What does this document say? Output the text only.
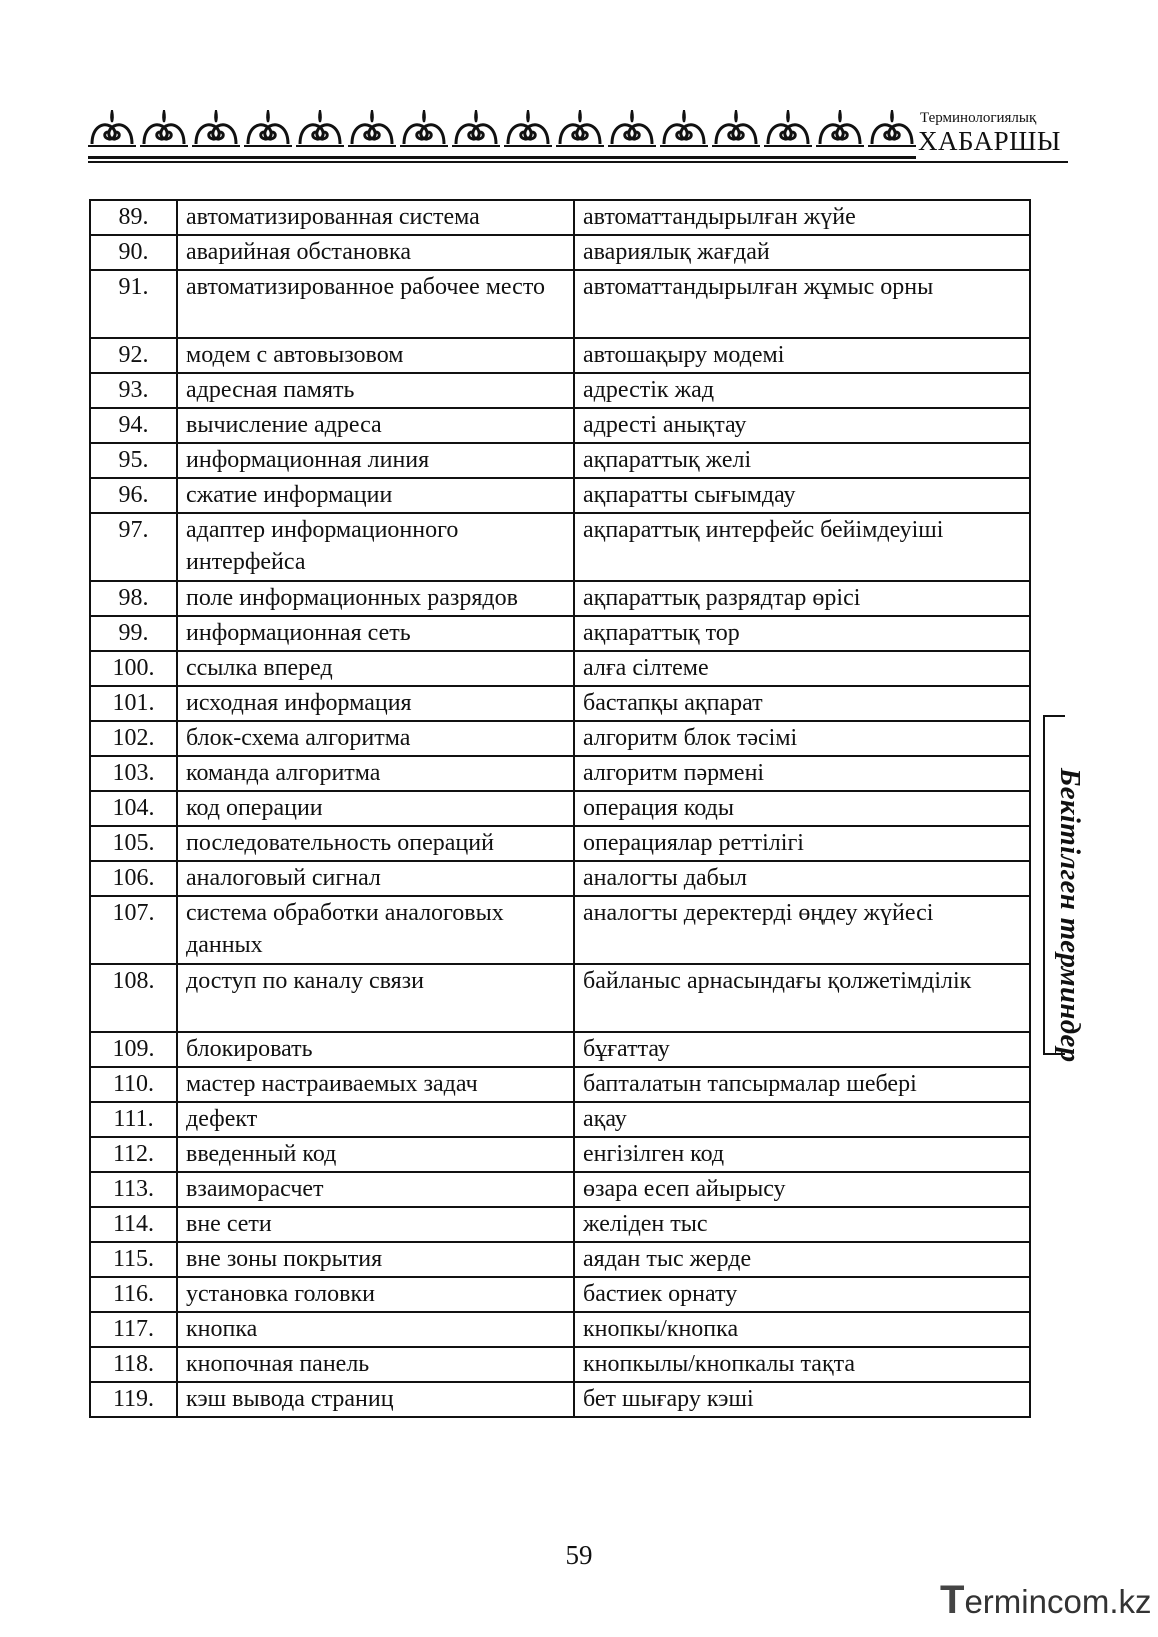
Терминологиялық
ХАБАРШЫ
89.	автоматизированная система	автоматтандырылған жүйе
90.	аварийная обстановка	авариялық жағдай
91.	автоматизированное рабочее место	автоматтандырылған жұмыс орны
92.	модем с автовызовом	автошақыру модемі
93.	адресная память	адрестік жад
94.	вычисление адреса	адресті анықтау
95.	информационная линия	ақпараттық желі
96.	сжатие информации	ақпаратты сығымдау
97.	адаптер информационного интерфейса	ақпараттық интерфейс бейімдеуіші
98.	поле информационных разрядов	ақпараттық разрядтар өрісі
99.	информационная сеть	ақпараттық тор
100.	ссылка вперед	алға сілтеме
101.	исходная информация	бастапқы ақпарат
102.	блок-схема алгоритма	алгоритм блок тәсімі
103.	команда алгоритма	алгоритм пәрмені
104.	код операции	операция коды
105.	последовательность операций	операциялар реттілігі
106.	аналоговый сигнал	аналогты дабыл
107.	система обработки аналоговых данных	аналогты деректерді өңдеу жүйесі
108.	доступ по каналу связи	байланыс арнасындағы қолжетімділік
109.	блокировать	бұғаттау
110.	мастер настраиваемых задач	бапталатын тапсырмалар шебері
111.	дефект	ақау
112.	введенный код	енгізілген код
113.	взаиморасчет	өзара есеп айырысу
114.	вне сети	желіден тыс
115.	вне зоны покрытия	аядан тыс жерде
116.	установка головки	бастиек орнату
117.	кнопка	кнопкы/кнопка
118.	кнопочная панель	кнопкылы/кнопкалы тақта
119.	кэш вывода страниц	бет шығару кэші
Бекітілген терминдер
59
Termincom.kz
